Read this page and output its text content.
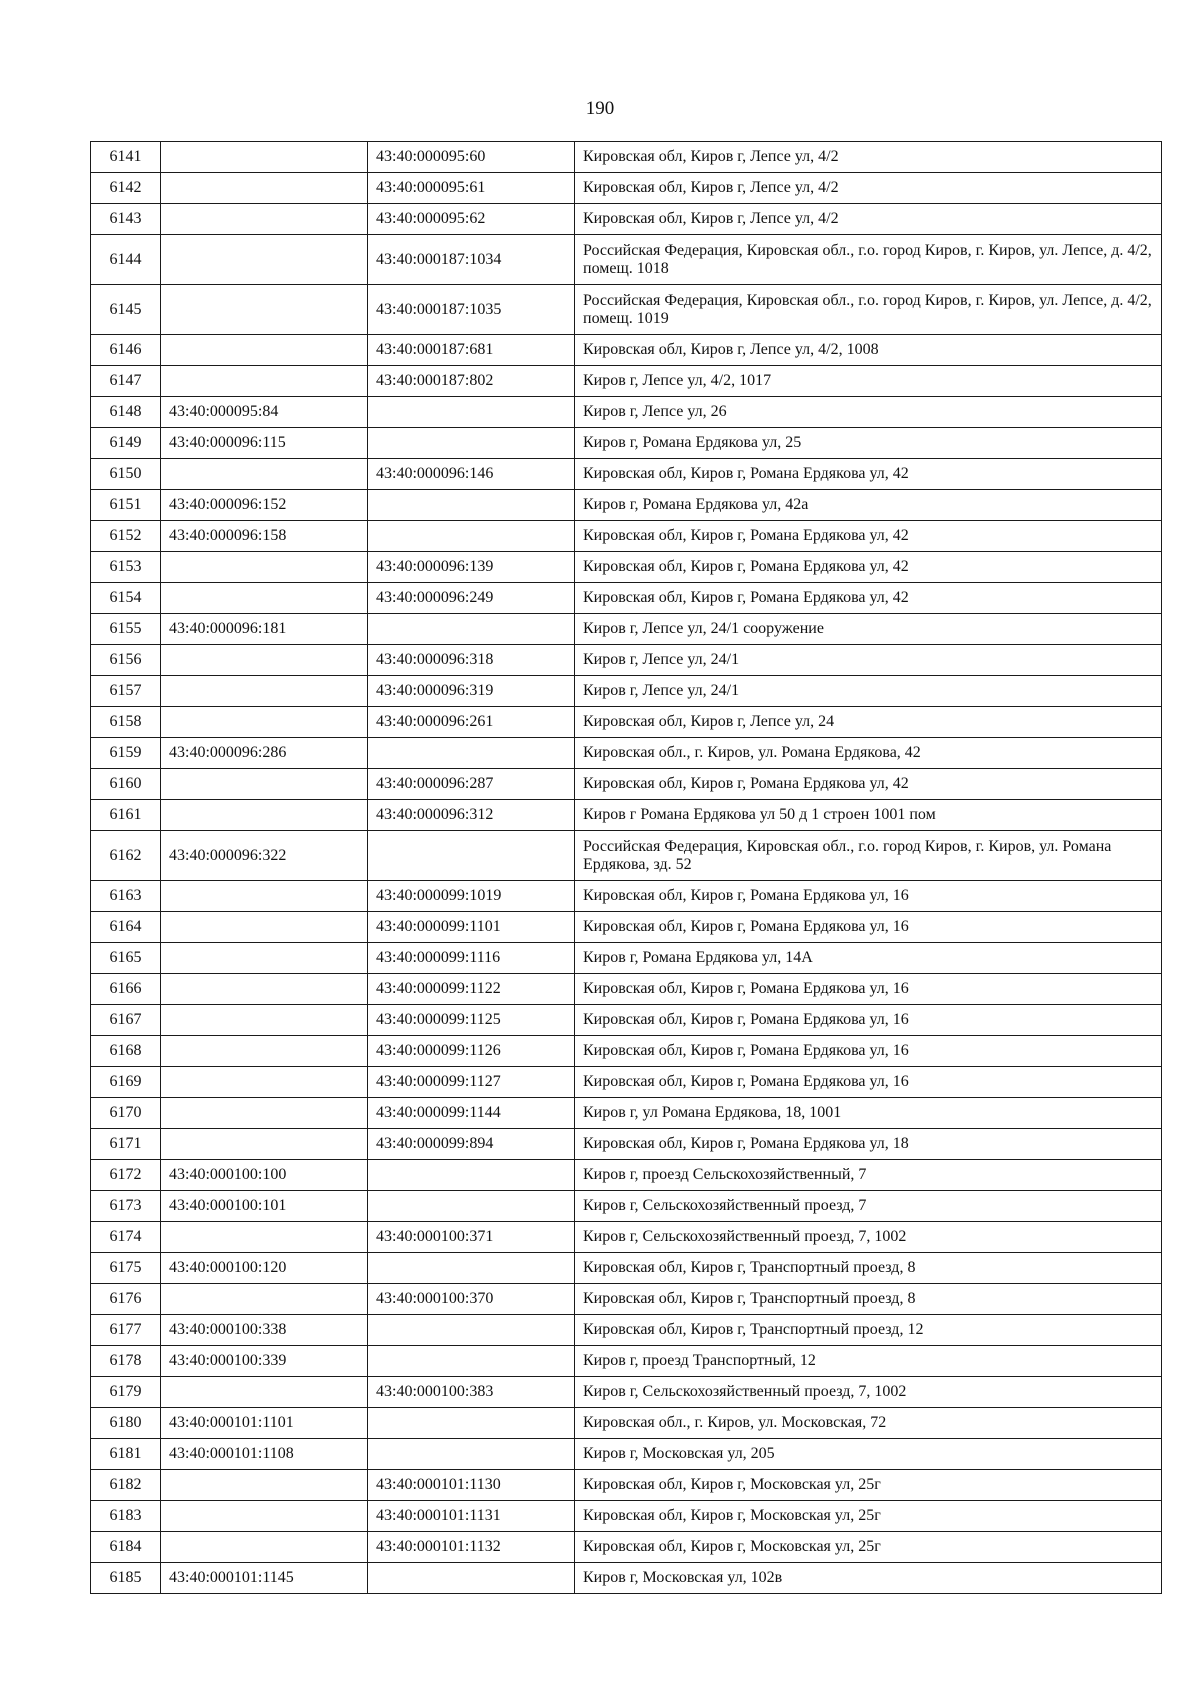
190
6141		43:40:000095:60	Кировская обл, Киров г, Лепсе ул, 4/2
6142		43:40:000095:61	Кировская обл, Киров г, Лепсе ул, 4/2
6143		43:40:000095:62	Кировская обл, Киров г, Лепсе ул, 4/2
6144		43:40:000187:1034	Российская Федерация, Кировская обл., г.о. город Киров, г. Киров, ул. Лепсе, д. 4/2, помещ. 1018
6145		43:40:000187:1035	Российская Федерация, Кировская обл., г.о. город Киров, г. Киров, ул. Лепсе, д. 4/2, помещ. 1019
6146		43:40:000187:681	Кировская обл, Киров г, Лепсе ул, 4/2, 1008
6147		43:40:000187:802	Киров г, Лепсе ул, 4/2, 1017
6148	43:40:000095:84		Киров г, Лепсе ул, 26
6149	43:40:000096:115		Киров г, Романа Ердякова ул, 25
6150		43:40:000096:146	Кировская обл, Киров г, Романа Ердякова ул, 42
6151	43:40:000096:152		Киров г, Романа Ердякова ул, 42а
6152	43:40:000096:158		Кировская обл, Киров г, Романа Ердякова ул, 42
6153		43:40:000096:139	Кировская обл, Киров г, Романа Ердякова ул, 42
6154		43:40:000096:249	Кировская обл, Киров г, Романа Ердякова ул, 42
6155	43:40:000096:181		Киров г, Лепсе ул, 24/1 сооружение
6156		43:40:000096:318	Киров г, Лепсе ул, 24/1
6157		43:40:000096:319	Киров г, Лепсе ул, 24/1
6158		43:40:000096:261	Кировская обл, Киров г, Лепсе ул, 24
6159	43:40:000096:286		Кировская обл., г. Киров, ул. Романа Ердякова, 42
6160		43:40:000096:287	Кировская обл, Киров г, Романа Ердякова ул, 42
6161		43:40:000096:312	Киров г Романа Ердякова ул 50 д 1 строен 1001 пом
6162	43:40:000096:322		Российская Федерация, Кировская обл., г.о. город Киров, г. Киров, ул. Романа Ердякова, зд. 52
6163		43:40:000099:1019	Кировская обл, Киров г, Романа Ердякова ул, 16
6164		43:40:000099:1101	Кировская обл, Киров г, Романа Ердякова ул, 16
6165		43:40:000099:1116	Киров г, Романа Ердякова ул, 14А
6166		43:40:000099:1122	Кировская обл, Киров г, Романа Ердякова ул, 16
6167		43:40:000099:1125	Кировская обл, Киров г, Романа Ердякова ул, 16
6168		43:40:000099:1126	Кировская обл, Киров г, Романа Ердякова ул, 16
6169		43:40:000099:1127	Кировская обл, Киров г, Романа Ердякова ул, 16
6170		43:40:000099:1144	Киров г, ул Романа Ердякова, 18, 1001
6171		43:40:000099:894	Кировская обл, Киров г, Романа Ердякова ул, 18
6172	43:40:000100:100		Киров г, проезд Сельскохозяйственный, 7
6173	43:40:000100:101		Киров г, Сельскохозяйственный проезд, 7
6174		43:40:000100:371	Киров г, Сельскохозяйственный проезд, 7, 1002
6175	43:40:000100:120		Кировская обл, Киров г, Транспортный проезд, 8
6176		43:40:000100:370	Кировская обл, Киров г, Транспортный проезд, 8
6177	43:40:000100:338		Кировская обл, Киров г, Транспортный проезд, 12
6178	43:40:000100:339		Киров г, проезд Транспортный, 12
6179		43:40:000100:383	Киров г, Сельскохозяйственный проезд, 7, 1002
6180	43:40:000101:1101		Кировская обл., г. Киров, ул. Московская, 72
6181	43:40:000101:1108		Киров г, Московская ул, 205
6182		43:40:000101:1130	Кировская обл, Киров г, Московская ул, 25г
6183		43:40:000101:1131	Кировская обл, Киров г, Московская ул, 25г
6184		43:40:000101:1132	Кировская обл, Киров г, Московская ул, 25г
6185	43:40:000101:1145		Киров г, Московская ул, 102в
